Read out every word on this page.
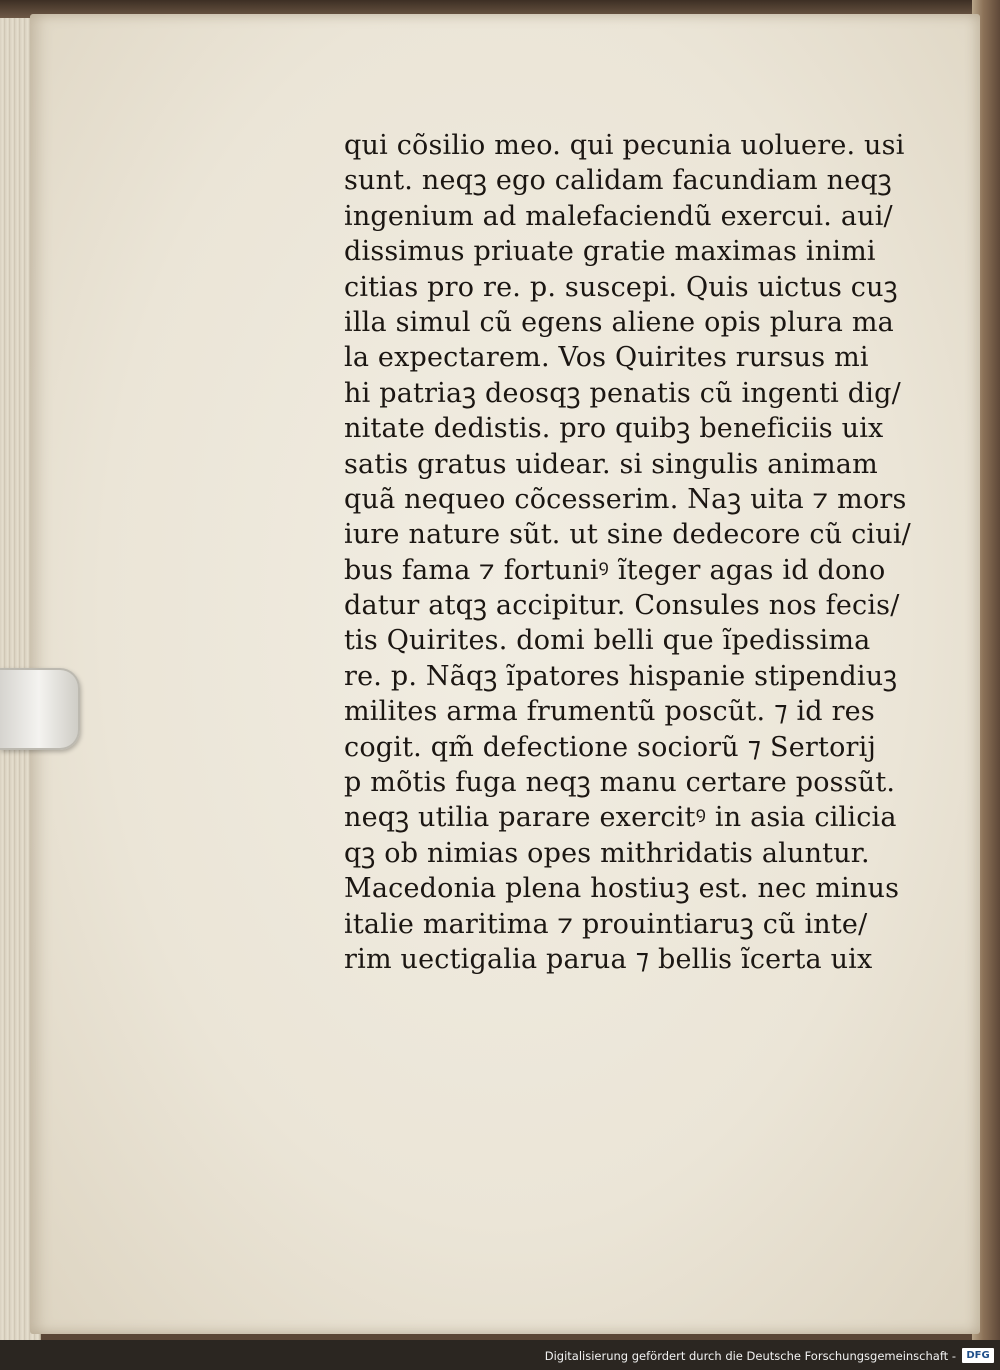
qui cõsilio meo. qui pecunia uoluere. usi
sunt. neqꝫ ego calidam facundiam neqꝫ
ingenium ad malefaciendũ exercui. aui/
dissimus priuate gratie maximas inimi
citias pro re. p. suscepi. Quis uictus cuꝫ
illa simul cũ egens aliene opis plura ma
la expectarem. Vos Quirites rursus mi
hi patriaꝫ deosqꝫ penatis cũ ingenti dig/
nitate dedistis. pro quibꝫ beneficiis uix
satis gratus uidear. si singulis animam
quã nequeo cõcesserim. Naꝫ uita ⁊ mors
iure nature sũt. ut sine dedecore cũ ciui/
bus fama ⁊ fortuniꝰ ĩteger agas id dono
datur atqꝫ accipitur. Consules nos fecis/
tis Quirites. domi belli que ĩpedissima
re. p. Nãqꝫ ĩpatores hispanie stipendiuꝫ
milites arma frumentũ poscũt. ⁊ id res
cogit. qm̃ defectione sociorũ ⁊ Sertorij
p mõtis fuga neqꝫ manu certare possũt.
neqꝫ utilia parare exercitꝰ in asia cilicia
qꝫ ob nimias opes mithridatis aluntur.
Macedonia plena hostiuꝫ est. nec minus
italie maritima ⁊ prouintiaruꝫ cũ inte/
rim uectigalia parua ⁊ bellis ĩcerta uix
Digitalisierung gefördert durch die Deutsche Forschungsgemeinschaft -	DFG
